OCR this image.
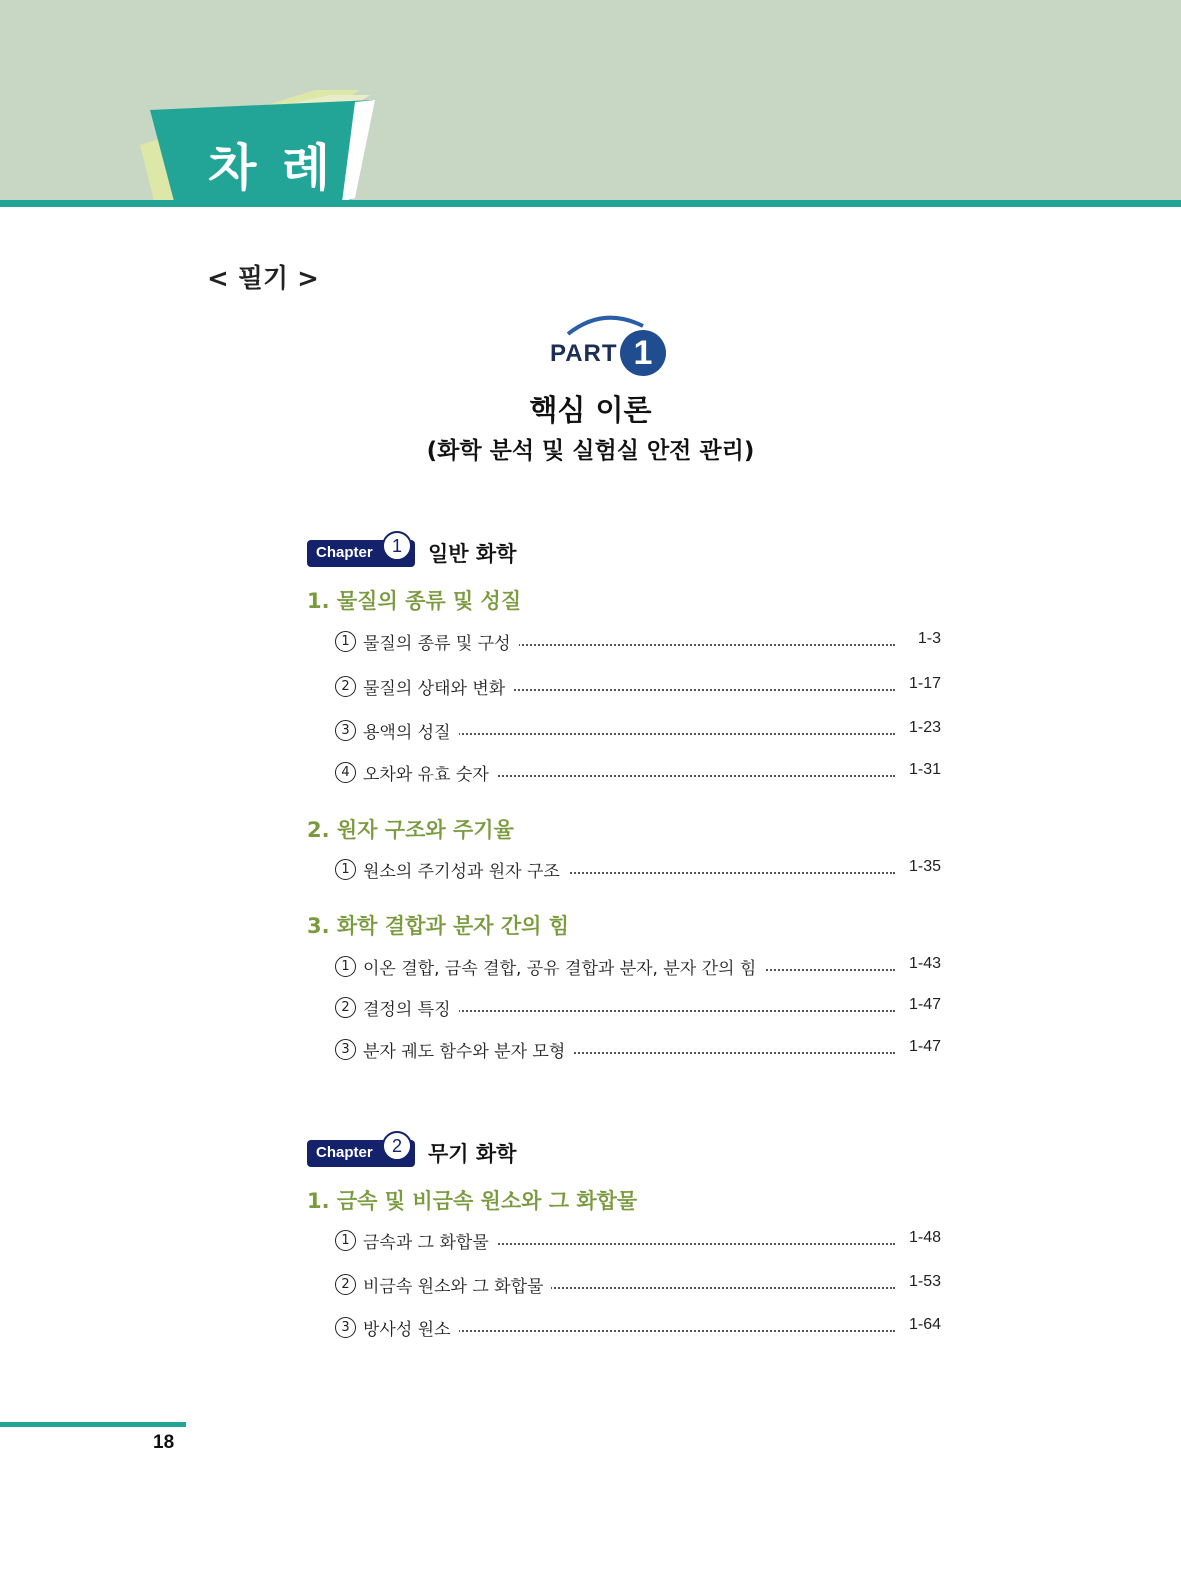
차 례
< 필기 >
PART 1
핵심 이론
(화학 분석 및 실험실 안전 관리)
Chapter	1	일반 화학
1. 물질의 종류 및 성질
1 물질의 종류 및 구성	1-3
2 물질의 상태와 변화	1-17
3 용액의 성질	1-23
4 오차와 유효 숫자	1-31
2. 원자 구조와 주기율
1 원소의 주기성과 원자 구조	1-35
3. 화학 결합과 분자 간의 힘
1 이온 결합, 금속 결합, 공유 결합과 분자, 분자 간의 힘	1-43
2 결정의 특징	1-47
3 분자 궤도 함수와 분자 모형	1-47
Chapter	2	무기 화학
1. 금속 및 비금속 원소와 그 화합물
1 금속과 그 화합물	1-48
2 비금속 원소와 그 화합물	1-53
3 방사성 원소	1-64
18
